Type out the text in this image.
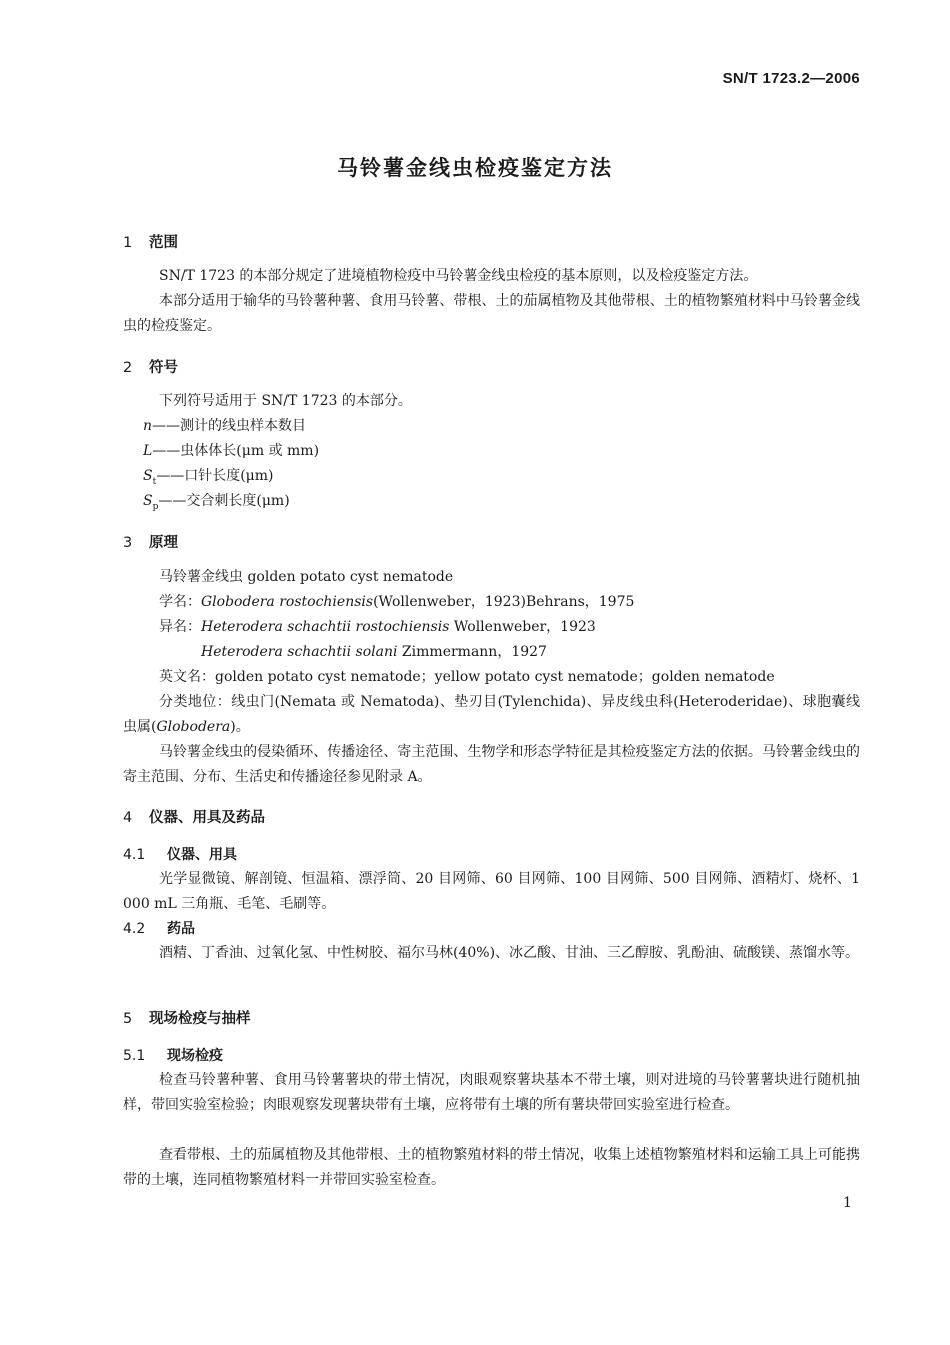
SN/T 1723.2—2006
马铃薯金线虫检疫鉴定方法
1 范围
SN/T 1723 的本部分规定了进境植物检疫中马铃薯金线虫检疫的基本原则，以及检疫鉴定方法。
本部分适用于输华的马铃薯种薯、食用马铃薯、带根、土的茄属植物及其他带根、土的植物繁殖材料中马铃薯金线虫的检疫鉴定。
2 符号
下列符号适用于 SN/T 1723 的本部分。
n——测计的线虫样本数目
L——虫体体长(μm 或 mm)
$S_t——$口针长度(μm)
$S_p——$交合刺长度(μm)
3 原理
马铃薯金线虫 golden potato cyst nematode
学名：Globodera rostochiensis(Wollenweber，1923)Behrans，1975
异名：Heterodera schachtii rostochiensis Wollenweber，1923
Heterodera schachtii solani Zimmermann，1927
英文名：golden potato cyst nematode；yellow potato cyst nematode；golden nematode
分类地位：线虫门(Nemata 或 Nematoda)、垫刃目(Tylenchida)、异皮线虫科(Heteroderidae)、球胞囊线虫属(Globodera)。
马铃薯金线虫的侵染循环、传播途径、寄主范围、生物学和形态学特征是其检疫鉴定方法的依据。马铃薯金线虫的寄主范围、分布、生活史和传播途径参见附录 A。
4 仪器、用具及药品
4.1 仪器、用具
光学显微镜、解剖镜、恒温箱、漂浮筒、20 目网筛、60 目网筛、100 目网筛、500 目网筛、酒精灯、烧杯、1 000 mL 三角瓶、毛笔、毛刷等。
4.2 药品
酒精、丁香油、过氧化氢、中性树胶、福尔马林(40%)、冰乙酸、甘油、三乙醇胺、乳酚油、硫酸镁、蒸馏水等。
5 现场检疫与抽样
5.1 现场检疫
检查马铃薯种薯、食用马铃薯薯块的带土情况，肉眼观察薯块基本不带土壤，则对进境的马铃薯薯块进行随机抽样，带回实验室检验；肉眼观察发现薯块带有土壤，应将带有土壤的所有薯块带回实验室进行检查。
查看带根、土的茄属植物及其他带根、土的植物繁殖材料的带土情况，收集上述植物繁殖材料和运输工具上可能携带的土壤，连同植物繁殖材料一并带回实验室检查。
1
